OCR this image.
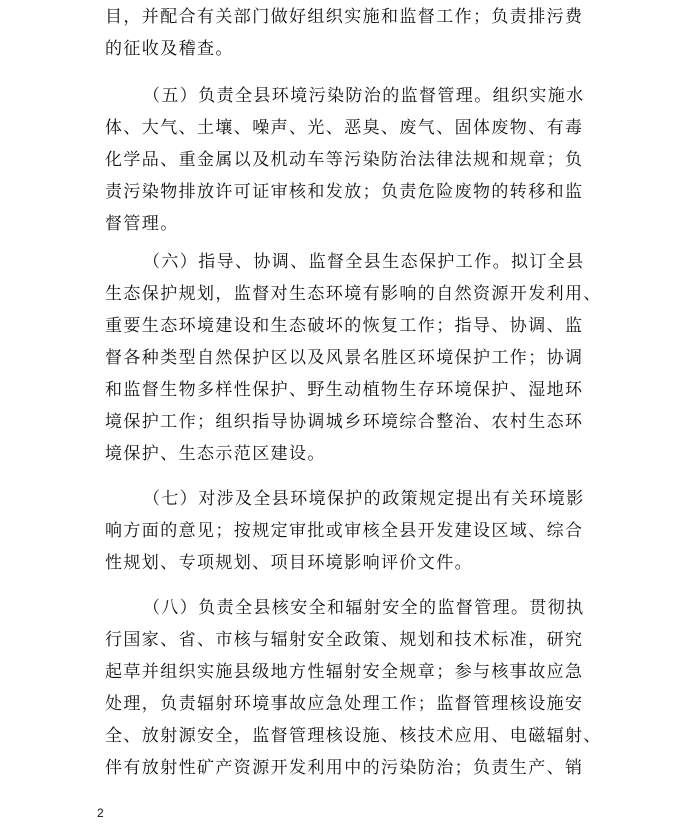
目，并配合有关部门做好组织实施和监督工作；负责排污费
的征收及稽查。
（五）负责全县环境污染防治的监督管理。组织实施水
体、大气、土壤、噪声、光、恶臭、废气、固体废物、有毒
化学品、重金属以及机动车等污染防治法律法规和规章；负
责污染物排放许可证审核和发放；负责危险废物的转移和监
督管理。
（六）指导、协调、监督全县生态保护工作。拟订全县
生态保护规划，监督对生态环境有影响的自然资源开发利用、
重要生态环境建设和生态破坏的恢复工作；指导、协调、监
督各种类型自然保护区以及风景名胜区环境保护工作；协调
和监督生物多样性保护、野生动植物生存环境保护、湿地环
境保护工作；组织指导协调城乡环境综合整治、农村生态环
境保护、生态示范区建设。
（七）对涉及全县环境保护的政策规定提出有关环境影
响方面的意见；按规定审批或审核全县开发建设区域、综合
性规划、专项规划、项目环境影响评价文件。
（八）负责全县核安全和辐射安全的监督管理。贯彻执
行国家、省、市核与辐射安全政策、规划和技术标准，研究
起草并组织实施县级地方性辐射安全规章；参与核事故应急
处理，负责辐射环境事故应急处理工作；监督管理核设施安
全、放射源安全，监督管理核设施、核技术应用、电磁辐射、
伴有放射性矿产资源开发利用中的污染防治；负责生产、销
2
